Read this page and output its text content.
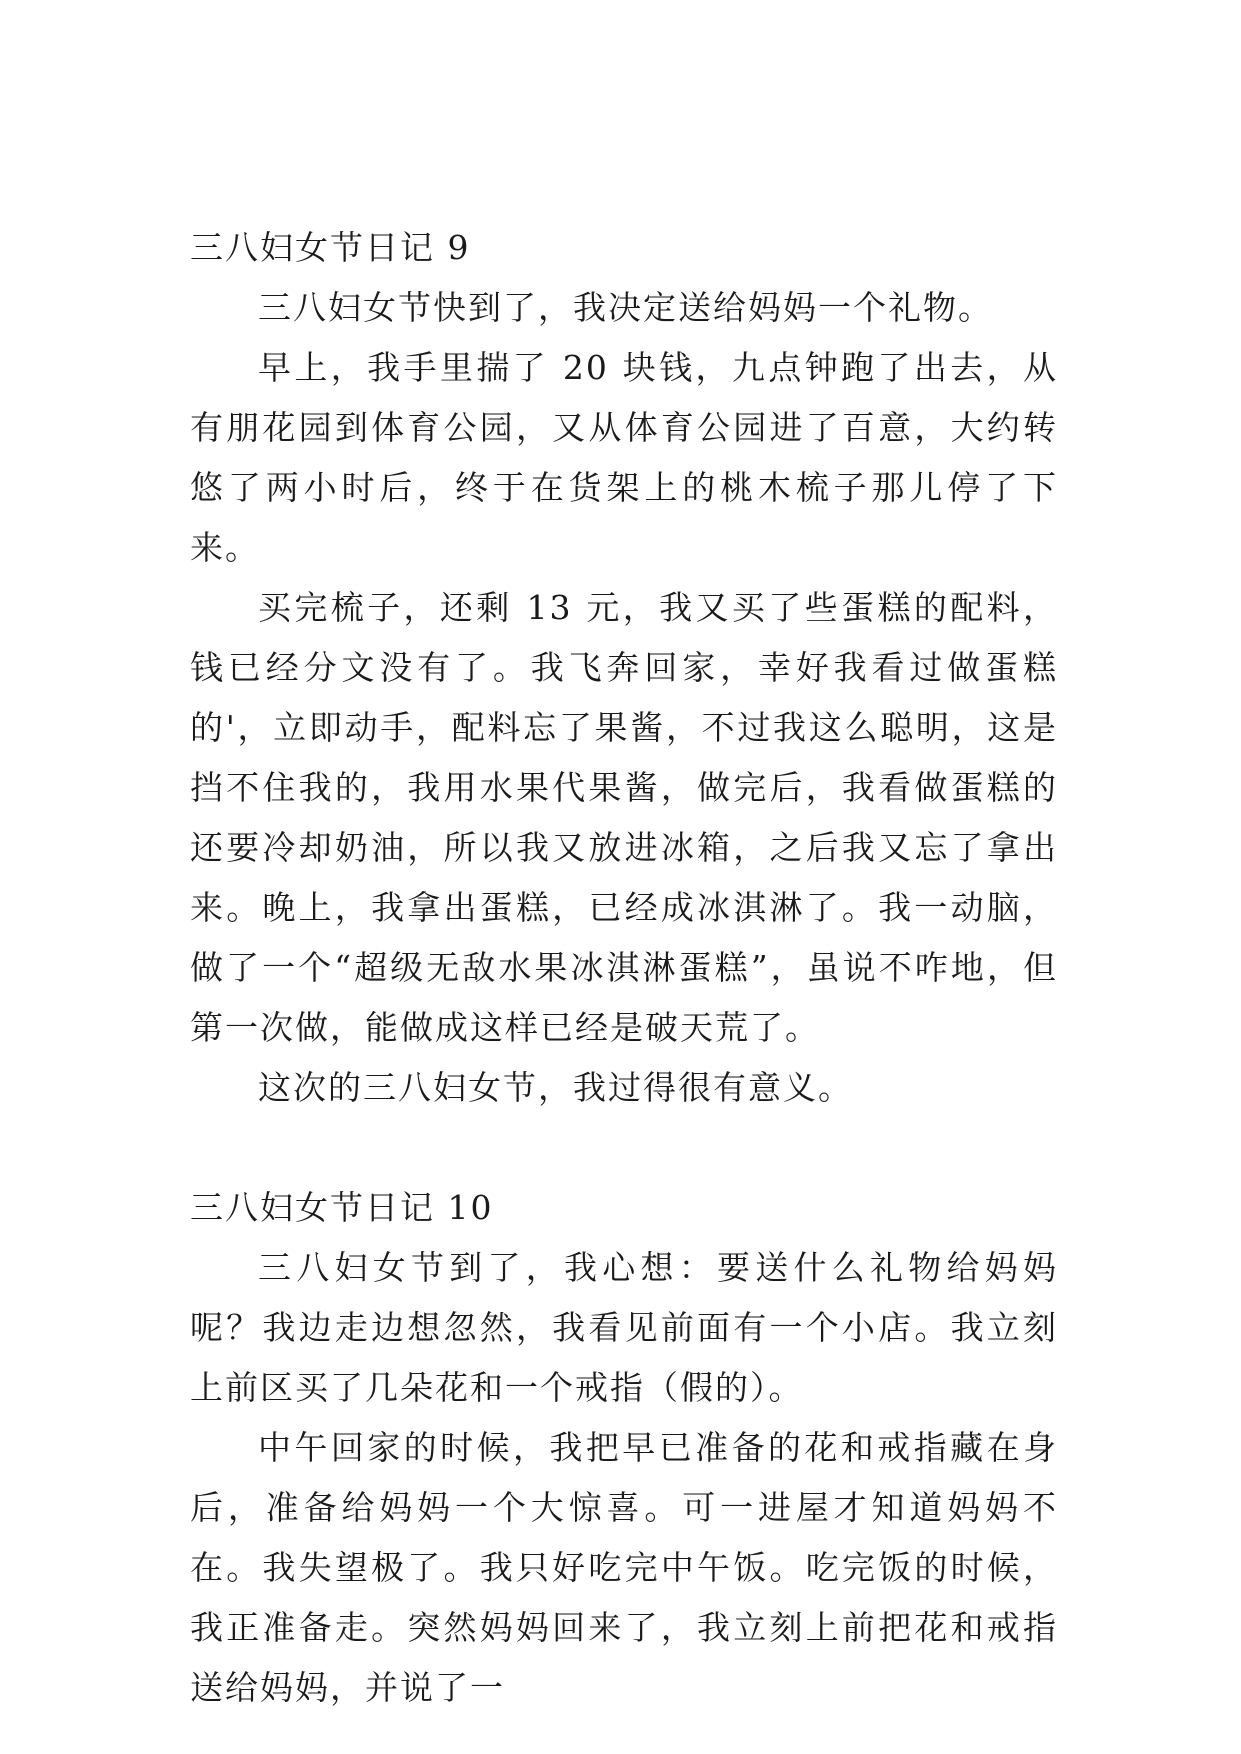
三八妇女节日记 9

三八妇女节快到了，我决定送给妈妈一个礼物。

早上，我手里揣了 20 块钱，九点钟跑了出去，从有朋花园到体育公园，又从体育公园进了百意，大约转悠了两小时后，终于在货架上的桃木梳子那儿停了下来。

买完梳子，还剩 13 元，我又买了些蛋糕的配料，钱已经分文没有了。我飞奔回家，幸好我看过做蛋糕的'，立即动手，配料忘了果酱，不过我这么聪明，这是挡不住我的，我用水果代果酱，做完后，我看做蛋糕的还要冷却奶油，所以我又放进冰箱，之后我又忘了拿出来。晚上，我拿出蛋糕，已经成冰淇淋了。我一动脑，做了一个“超级无敌水果冰淇淋蛋糕”，虽说不咋地，但第一次做，能做成这样已经是破天荒了。

这次的三八妇女节，我过得很有意义。

三八妇女节日记 10

三八妇女节到了，我心想：要送什么礼物给妈妈呢？我边走边想忽然，我看见前面有一个小店。我立刻上前区买了几朵花和一个戒指（假的）。

中午回家的时候，我把早已准备的花和戒指藏在身后，准备给妈妈一个大惊喜。可一进屋才知道妈妈不在。我失望极了。我只好吃完中午饭。吃完饭的时候，我正准备走。突然妈妈回来了，我立刻上前把花和戒指送给妈妈，并说了一
